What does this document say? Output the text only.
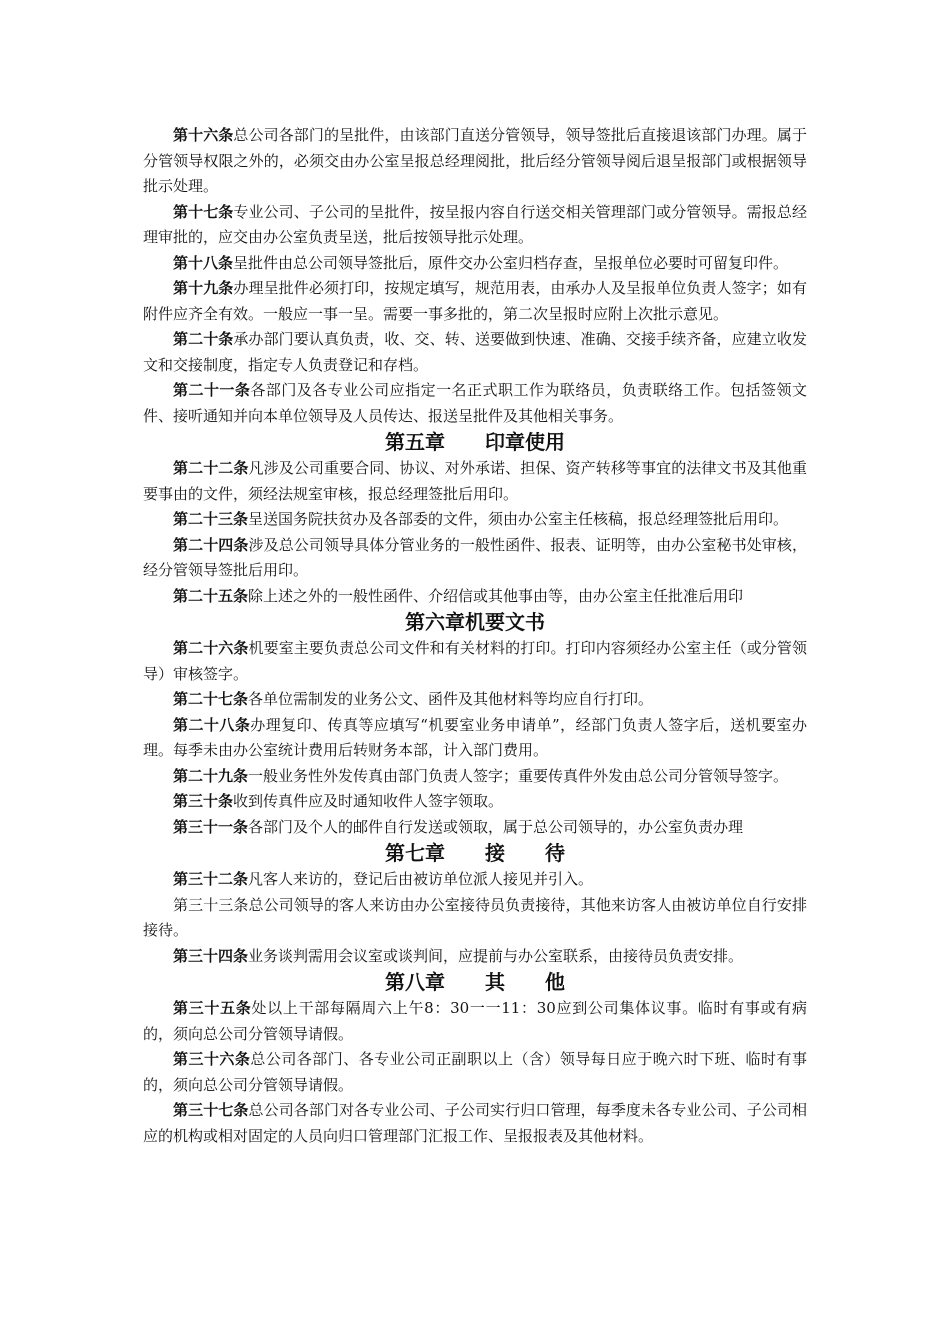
第十六条总公司各部门的呈批件，由该部门直送分管领导，领导签批后直接退该部门办理。属于分管领导权限之外的，必须交由办公室呈报总经理阅批，批后经分管领导阅后退呈报部门或根据领导批示处理。

第十七条专业公司、子公司的呈批件，按呈报内容自行送交相关管理部门或分管领导。需报总经理审批的，应交由办公室负责呈送，批后按领导批示处理。

第十八条呈批件由总公司领导签批后，原件交办公室归档存查，呈报单位必要时可留复印件。

第十九条办理呈批件必须打印，按规定填写，规范用表，由承办人及呈报单位负责人签字；如有附件应齐全有效。一般应一事一呈。需要一事多批的，第二次呈报时应附上次批示意见。

第二十条承办部门要认真负责，收、交、转、送要做到快速、准确、交接手续齐备，应建立收发文和交接制度，指定专人负责登记和存档。

第二十一条各部门及各专业公司应指定一名正式职工作为联络员，负责联络工作。包括签领文件、接听通知并向本单位领导及人员传达、报送呈批件及其他相关事务。

第五章　　印章使用

第二十二条凡涉及公司重要合同、协议、对外承诺、担保、资产转移等事宜的法律文书及其他重要事由的文件，须经法规室审核，报总经理签批后用印。

第二十三条呈送国务院扶贫办及各部委的文件，须由办公室主任核稿，报总经理签批后用印。

第二十四条涉及总公司领导具体分管业务的一般性函件、报表、证明等，由办公室秘书处审核，经分管领导签批后用印。

第二十五条除上述之外的一般性函件、介绍信或其他事由等，由办公室主任批准后用印

第六章机要文书

第二十六条机要室主要负责总公司文件和有关材料的打印。打印内容须经办公室主任（或分管领导）审核签字。

第二十七条各单位需制发的业务公文、函件及其他材料等均应自行打印。

第二十八条办理复印、传真等应填写“机要室业务申请单”，经部门负责人签字后，送机要室办理。每季未由办公室统计费用后转财务本部，计入部门费用。

第二十九条一般业务性外发传真由部门负责人签字；重要传真件外发由总公司分管领导签字。

第三十条收到传真件应及时通知收件人签字领取。

第三十一条各部门及个人的邮件自行发送或领取，属于总公司领导的，办公室负责办理

第七章　　接　　待

第三十二条凡客人来访的，登记后由被访单位派人接见并引入。

第三十三条总公司领导的客人来访由办公室接待员负责接待，其他来访客人由被访单位自行安排接待。

第三十四条业务谈判需用会议室或谈判间，应提前与办公室联系，由接待员负责安排。

第八章　　其　　他

第三十五条处以上干部每隔周六上午8：30一一11：30应到公司集体议事。临时有事或有病的，须向总公司分管领导请假。

第三十六条总公司各部门、各专业公司正副职以上（含）领导每日应于晚六时下班、临时有事的，须向总公司分管领导请假。

第三十七条总公司各部门对各专业公司、子公司实行归口管理，每季度未各专业公司、子公司相应的机构或相对固定的人员向归口管理部门汇报工作、呈报报表及其他材料。
